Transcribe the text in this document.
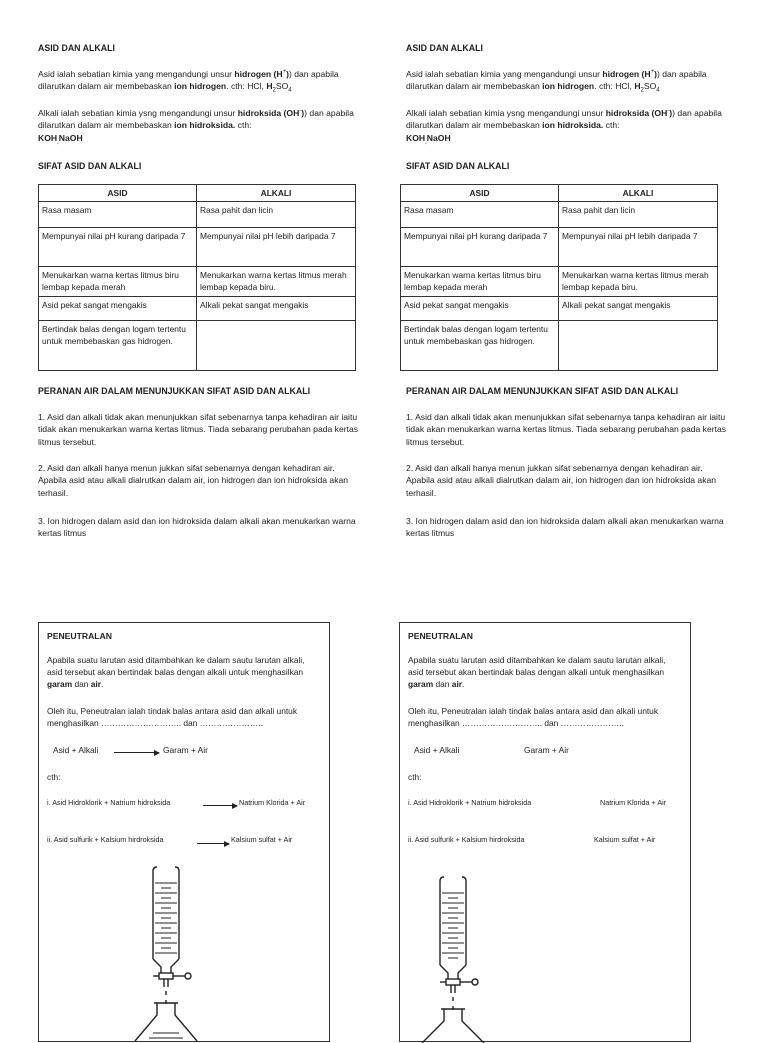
ASID DAN ALKALI
Asid ialah sebatian kimia yang mengandungi unsur hidrogen (H+)) dan apabila dilarutkan dalam air membebaskan ion hidrogen. cth: HCl, $H_2SO_4$
Alkali ialah sebatian kimia ysng mengandungi unsur hidroksida (OH-)) dan apabila dilarutkan dalam air membebaskan ion hidroksida. cth:
$KOH_,NaOH$
SIFAT ASID DAN ALKALI
ASID	ALKALI
Rasa masam	Rasa pahit dan licin
Mempunyai nilai pH kurang daripada 7	Mempunyai nilai pH lebih daripada 7
Menukarkan warna kertas litmus biru lembap kepada merah	Menukarkan warna kertas litmus merah lembap kepada biru.
Asid pekat sangat mengakis	Alkali pekat sangat mengakis
Bertindak balas dengan logam tertentu untuk membebaskan gas hidrogen.	
PERANAN AIR DALAM MENUNJUKKAN SIFAT ASID DAN ALKALI
1. Asid dan alkali tidak akan menunjukkan sifat sebenarnya tanpa kehadiran air iaitu tidak akan menukarkan warna kertas litmus. Tiada sebarang perubahan pada kertas litmus tersebut.
2. Asid dan alkali hanya menun jukkan sifat sebenarnya dengan kehadiran air. Apabila asid atau alkali dialrutkan dalam air, ion hidrogen dan ion hidroksida akan terhasil.
3. Ion hidrogen dalam asid dan ion hidroksida dalam alkali akan menukarkan warna kertas litmus
ASID DAN ALKALI
Asid ialah sebatian kimia yang mengandungi unsur hidrogen (H+)) dan apabila dilarutkan dalam air membebaskan ion hidrogen. cth: HCl, $H_2SO_4$
Alkali ialah sebatian kimia ysng mengandungi unsur hidroksida (OH-)) dan apabila dilarutkan dalam air membebaskan ion hidroksida. cth:
$KOH_,NaOH$
SIFAT ASID DAN ALKALI
ASID	ALKALI
Rasa masam	Rasa pahit dan licin
Mempunyai nilai pH kurang daripada 7	Mempunyai nilai pH lebih daripada 7
Menukarkan warna kertas litmus biru lembap kepada merah	Menukarkan warna kertas litmus merah lembap kepada biru.
Asid pekat sangat mengakis	Alkali pekat sangat mengakis
Bertindak balas dengan logam tertentu untuk membebaskan gas hidrogen.	
PERANAN AIR DALAM MENUNJUKKAN SIFAT ASID DAN ALKALI
1. Asid dan alkali tidak akan menunjukkan sifat sebenarnya tanpa kehadiran air iaitu tidak akan menukarkan warna kertas litmus. Tiada sebarang perubahan pada kertas litmus tersebut.
2. Asid dan alkali hanya menun jukkan sifat sebenarnya dengan kehadiran air. Apabila asid atau alkali dialrutkan dalam air, ion hidrogen dan ion hidroksida akan terhasil.
3. Ion hidrogen dalam asid dan ion hidroksida dalam alkali akan menukarkan warna kertas litmus
PENEUTRALAN
Apabila suatu larutan asid ditambahkan ke dalam sautu larutan alkali, asid tersebut akan bertindak balas dengan alkali untuk menghasilkan garam dan air.
Oleh itu, Peneutralan ialah tindak balas antara asid dan alkali untuk menghasilkan ……………………….. dan …………………..
Asid + Alkali	Garam + Air
cth:
i. Asid Hidroklorik + Natrium hidroksida	Natrium Klorida + Air
ii. Asid sulfurik + Kalsium hirdroksida	Kalsium sulfat + Air
PENEUTRALAN
Apabila suatu larutan asid ditambahkan ke dalam sautu larutan alkali, asid tersebut akan bertindak balas dengan alkali untuk menghasilkan garam dan air.
Oleh itu, Peneutralan ialah tindak balas antara asid dan alkali untuk menghasilkan ……………………….. dan …………………..
Asid + Alkali	Garam + Air
cth:
i. Asid Hidroklorik + Natrium hidroksida	Natrium Klorida + Air
ii. Asid sulfurik + Kalsium hirdroksida	Kalsium sulfat + Air
